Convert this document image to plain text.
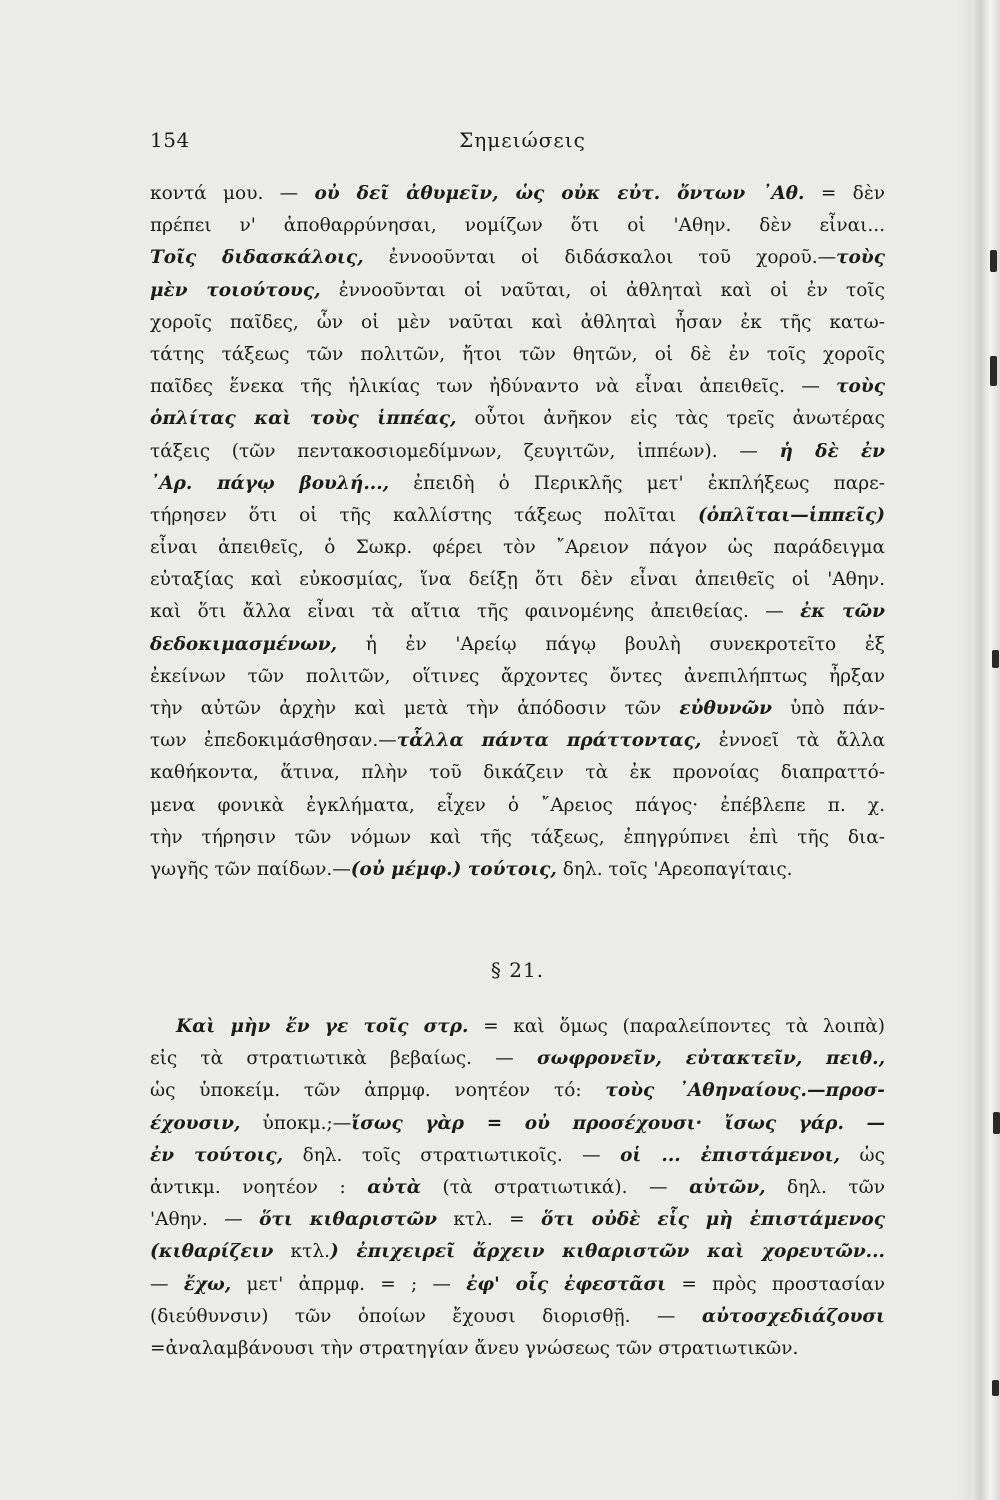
154	Σημειώσεις
κοντά μου. — οὐ δεῖ ἀθυμεῖν, ὡς οὐκ εὐτ. ὄντων ᾿Αθ. = δὲν
πρέπει ν' ἀποθαρρύνησαι, νομίζων ὅτι οἱ 'Αθην. δὲν εἶναι...
Τοῖς διδασκάλοις, ἐννοοῦνται οἱ διδάσκαλοι τοῦ χοροῦ.—τοὺς
μὲν τοιούτους, ἐννοοῦνται οἱ ναῦται, οἱ ἀθληταὶ καὶ οἱ ἐν τοῖς
χοροῖς παῖδες, ὧν οἱ μὲν ναῦται καὶ ἀθληταὶ ἦσαν ἐκ τῆς κατω-
τάτης τάξεως τῶν πολιτῶν, ἤτοι τῶν θητῶν, οἱ δὲ ἐν τοῖς χοροῖς
παῖδες ἕνεκα τῆς ἡλικίας των ἠδύναντο νὰ εἶναι ἀπειθεῖς. — τοὺς
ὁπλίτας καὶ τοὺς ἱππέας, οὗτοι ἀνῆκον εἰς τὰς τρεῖς ἀνωτέρας
τάξεις (τῶν πεντακοσιομεδίμνων, ζευγιτῶν, ἱππέων). — ἡ δὲ ἐν
᾿Αρ. πάγῳ βουλή..., ἐπειδὴ ὁ Περικλῆς μετ' ἐκπλήξεως παρε-
τήρησεν ὅτι οἱ τῆς καλλίστης τάξεως πολῖται (ὁπλῖται—ἱππεῖς)
εἶναι ἀπειθεῖς, ὁ Σωκρ. φέρει τὸν ῎Αρειον πάγον ὡς παράδειγμα
εὐταξίας καὶ εὐκοσμίας, ἵνα δείξῃ ὅτι δὲν εἶναι ἀπειθεῖς οἱ 'Αθην.
καὶ ὅτι ἄλλα εἶναι τὰ αἴτια τῆς φαινομένης ἀπειθείας. — ἐκ τῶν
δεδοκιμασμένων, ἡ ἐν 'Αρείῳ πάγῳ βουλὴ συνεκροτεῖτο ἐξ
ἐκείνων τῶν πολιτῶν, οἵτινες ἄρχοντες ὄντες ἀνεπιλήπτως ἦρξαν
τὴν αὐτῶν ἀρχὴν καὶ μετὰ τὴν ἀπόδοσιν τῶν εὐθυνῶν ὑπὸ πάν-
των ἐπεδοκιμάσθησαν.—τἆλλα πάντα πράττοντας, ἐννοεῖ τὰ ἄλλα
καθήκοντα, ἅτινα, πλὴν τοῦ δικάζειν τὰ ἐκ προνοίας διαπραττό-
μενα φονικὰ ἐγκλήματα, εἶχεν ὁ ῎Αρειος πάγος· ἐπέβλεπε π. χ.
τὴν τήρησιν τῶν νόμων καὶ τῆς τάξεως, ἐπηγρύπνει ἐπὶ τῆς δια-
γωγῆς τῶν παίδων.—(οὐ μέμφ.) τούτοις, δηλ. τοῖς 'Αρεοπαγίταις.
§ 21.
Καὶ μὴν ἔν γε τοῖς στρ. = καὶ ὅμως (παραλείποντες τὰ λοιπὰ)
εἰς τὰ στρατιωτικὰ βεβαίως. — σωφρονεῖν, εὐτακτεῖν, πειθ.,
ὡς ὑποκείμ. τῶν ἀπρμφ. νοητέον τό: τοὺς ᾿Αθηναίους.—προσ-
έχουσιν, ὑποκμ.;—ἴσως γὰρ = οὐ προσέχουσι· ἴσως γάρ. —
ἐν τούτοις, δηλ. τοῖς στρατιωτικοῖς. — οἱ ... ἐπιστάμενοι, ὡς
ἀντικμ. νοητέον : αὐτὰ (τὰ στρατιωτικά). — αὐτῶν, δηλ. τῶν
'Αθην. — ὅτι κιθαριστῶν κτλ. = ὅτι οὐδὲ εἷς μὴ ἐπιστάμενος
(κιθαρίζειν κτλ.) ἐπιχειρεῖ ἄρχειν κιθαριστῶν καὶ χορευτῶν...
— ἔχω, μετ' ἀπρμφ. = ; — ἐφ' οἷς ἐφεστᾶσι = πρὸς προστασίαν
(διεύθυνσιν) τῶν ὁποίων ἔχουσι διορισθῇ. — αὐτοσχεδιάζουσι
=ἀναλαμβάνουσι τὴν στρατηγίαν ἄνευ γνώσεως τῶν στρατιωτικῶν.
